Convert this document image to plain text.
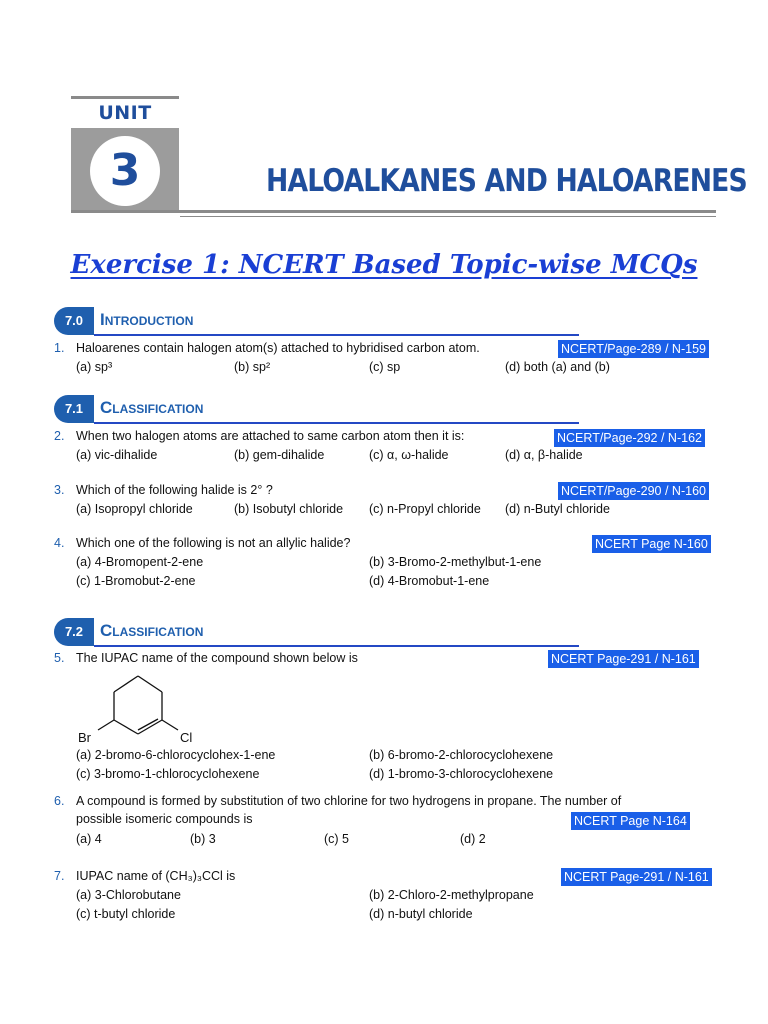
UNIT
3	HALOALKANES AND HALOARENES
Exercise 1: NCERT Based Topic-wise MCQs
7.0 Introduction
1. Haloarenes contain halogen atom(s) attached to hybridised carbon atom.	NCERT/Page-289 / N-159
(a) sp³	(b) sp²	(c) sp	(d) both (a) and (b)
7.1 Classification
2. When two halogen atoms are attached to same carbon atom then it is:	NCERT/Page-292 / N-162
(a) vic-dihalide	(b) gem-dihalide	(c) α, ω-halide	(d) α, β-halide
3. Which of the following halide is 2° ?	NCERT/Page-290 / N-160
(a) Isopropyl chloride	(b) Isobutyl chloride (c) n-Propyl chloride (d) n-Butyl chloride
4. Which one of the following is not an allylic halide?	NCERT Page N-160
(a) 4-Bromopent-2-ene	(b) 3-Bromo-2-methylbut-1-ene
(c) 1-Bromobut-2-ene	(d) 4-Bromobut-1-ene
7.2 Classification
5. The IUPAC name of the compound shown below is	NCERT Page-291 / N-161
Br	Cl
(a) 2-bromo-6-chlorocyclohex-1-ene	(b) 6-bromo-2-chlorocyclohexene
(c) 3-bromo-1-chlorocyclohexene	(d) 1-bromo-3-chlorocyclohexene
6. A compound is formed by substitution of two chlorine for two hydrogens in propane. The number of
possible isomeric compounds is	NCERT Page N-164
(a) 4	(b) 3	(c) 5	(d) 2
7. IUPAC name of (CH₃)₃CCl is	NCERT Page-291 / N-161
(a) 3-Chlorobutane	(b) 2-Chloro-2-methylpropane
(c) t-butyl chloride	(d) n-butyl chloride
